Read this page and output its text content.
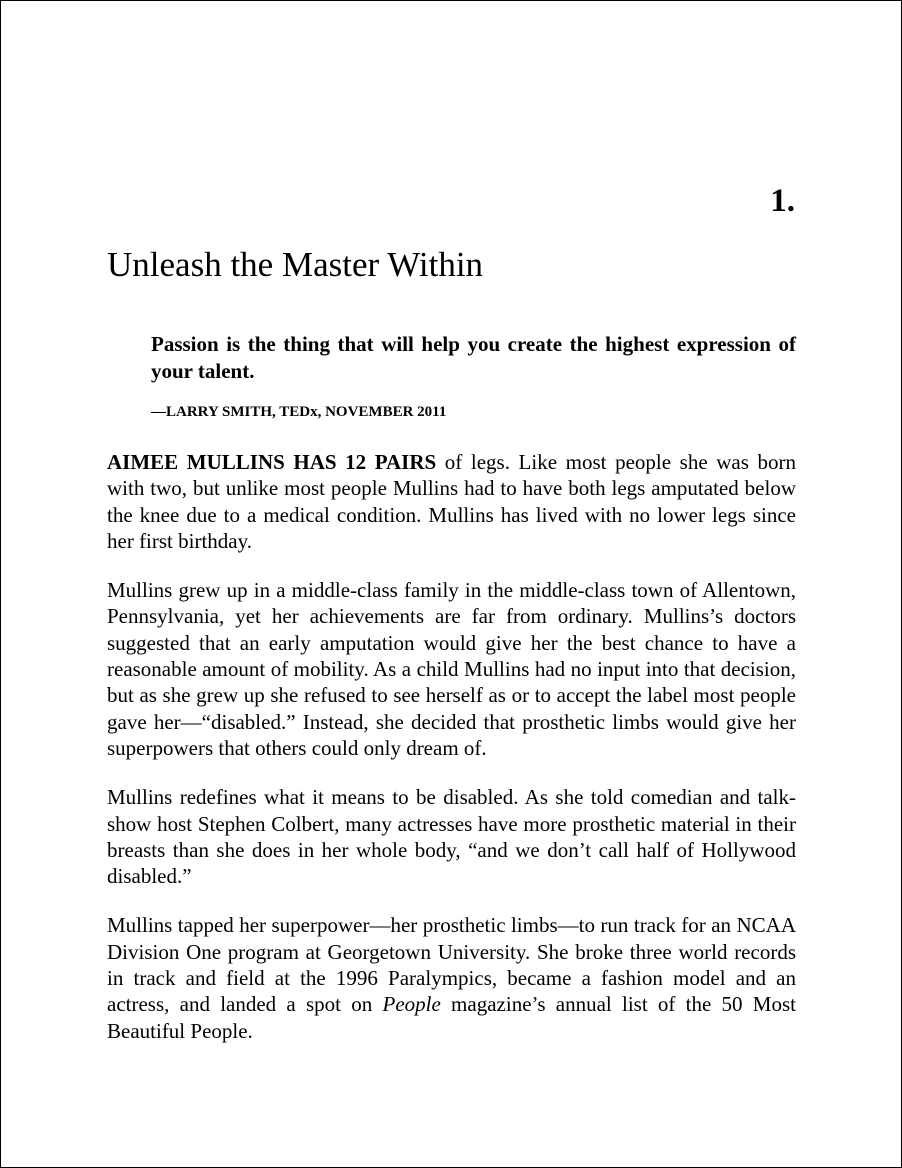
1.
Unleash the Master Within

Passion is the thing that will help you create the highest expression of your talent.

—LARRY SMITH, TEDx, NOVEMBER 2011

AIMEE MULLINS HAS 12 PAIRS of legs. Like most people she was born with two, but unlike most people Mullins had to have both legs amputated below the knee due to a medical condition. Mullins has lived with no lower legs since her first birthday.

Mullins grew up in a middle-class family in the middle-class town of Allentown, Pennsylvania, yet her achievements are far from ordinary. Mullins’s doctors suggested that an early amputation would give her the best chance to have a reasonable amount of mobility. As a child Mullins had no input into that decision, but as she grew up she refused to see herself as or to accept the label most people gave her—“disabled.” Instead, she decided that prosthetic limbs would give her superpowers that others could only dream of.

Mullins redefines what it means to be disabled. As she told comedian and talk-show host Stephen Colbert, many actresses have more prosthetic material in their breasts than she does in her whole body, “and we don’t call half of Hollywood disabled.”

Mullins tapped her superpower—her prosthetic limbs—to run track for an NCAA Division One program at Georgetown University. She broke three world records in track and field at the 1996 Paralympics, became a fashion model and an actress, and landed a spot on People magazine’s annual list of the 50 Most Beautiful People.
